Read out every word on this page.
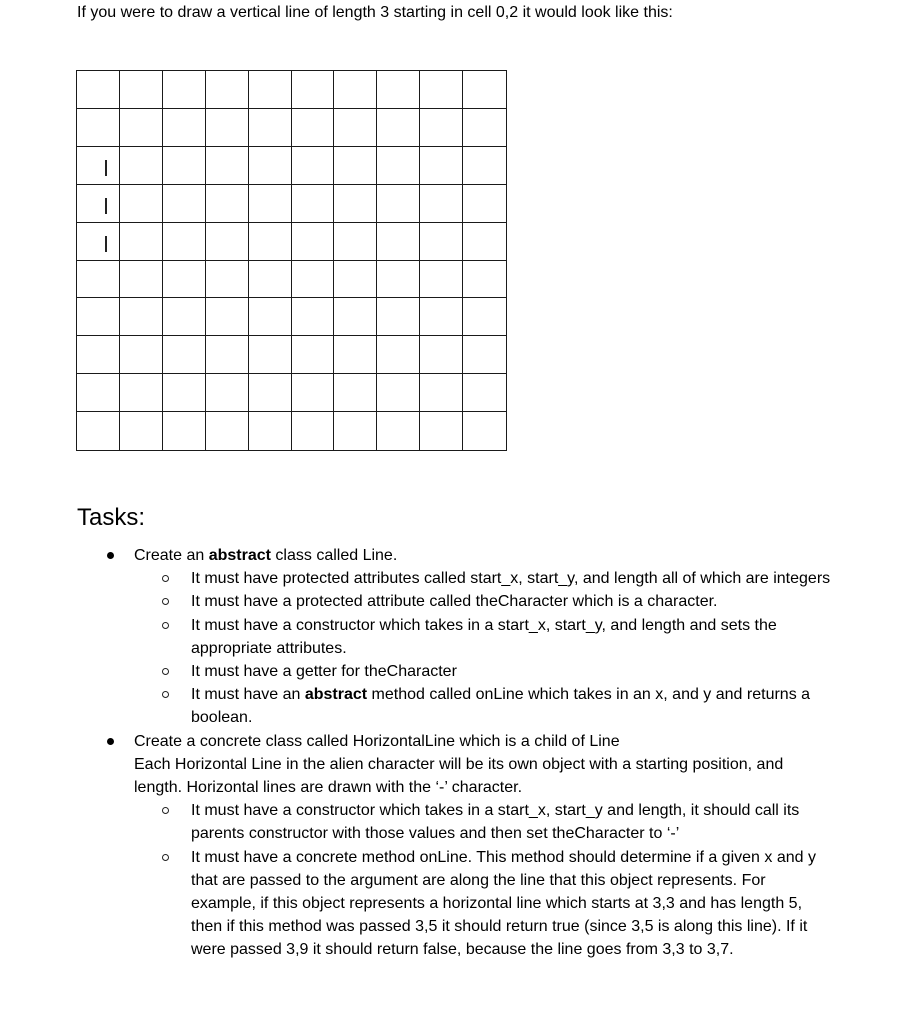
If you were to draw a vertical line of length 3 starting in cell 0,2 it would look like this:
Tasks:
Create an abstract class called Line.
It must have protected attributes called start_x, start_y, and length all of which are integers
It must have a protected attribute called theCharacter which is a character.
It must have a constructor which takes in a start_x, start_y, and length and sets the appropriate attributes.
It must have a getter for theCharacter
It must have an abstract method called onLine which takes in an x, and y and returns a boolean.
Create a concrete class called HorizontalLine which is a child of Line
Each Horizontal Line in the alien character will be its own object with a starting position, and length. Horizontal lines are drawn with the ‘-’ character.
It must have a constructor which takes in a start_x, start_y and length, it should call its parents constructor with those values and then set theCharacter to ‘-’
It must have a concrete method onLine. This method should determine if a given x and y that are passed to the argument are along the line that this object represents. For example, if this object represents a horizontal line which starts at 3,3 and has length 5, then if this method was passed 3,5 it should return true (since 3,5 is along this line). If it were passed 3,9 it should return false, because the line goes from 3,3 to 3,7.
